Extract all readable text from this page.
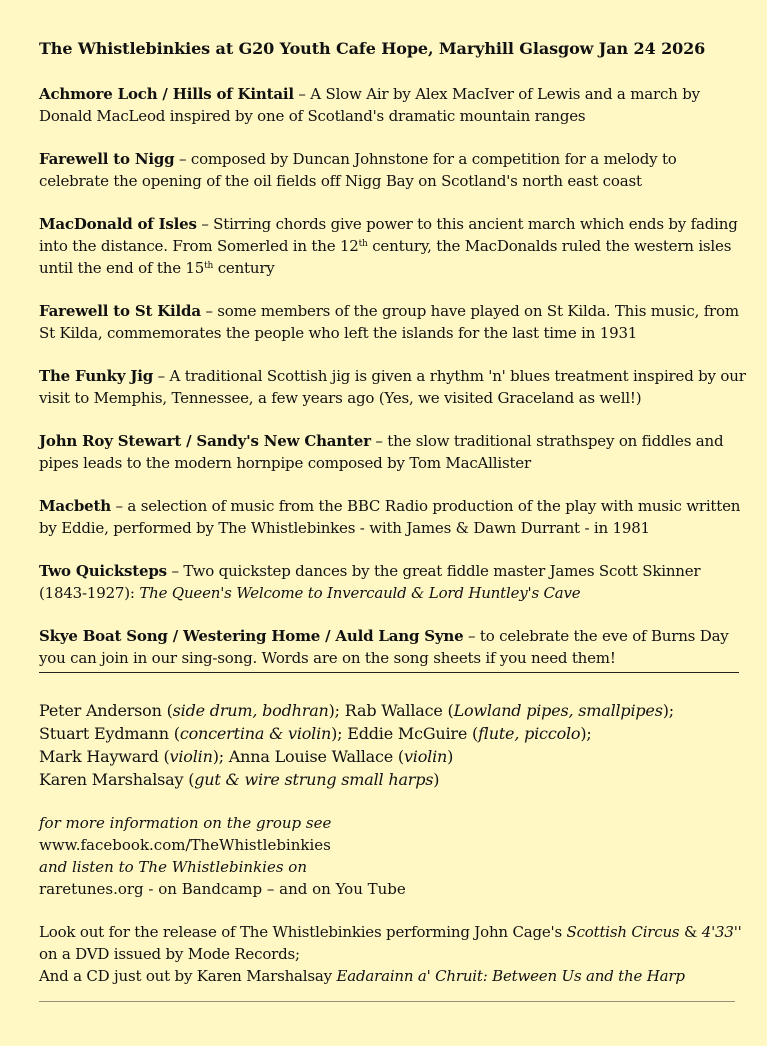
The Whistlebinkies at G20 Youth Cafe Hope, Maryhill Glasgow Jan 24 2026

Achmore Loch / Hills of Kintail – A Slow Air by Alex MacIver of Lewis and a march by Donald MacLeod inspired by one of Scotland's dramatic mountain ranges

Farewell to Nigg – composed by Duncan Johnstone for a competition for a melody to celebrate the opening of the oil fields off Nigg Bay on Scotland's north east coast

MacDonald of Isles – Stirring chords give power to this ancient march which ends by fading into the distance. From Somerled in the 12th century, the MacDonalds ruled the western isles until the end of the 15th century

Farewell to St Kilda – some members of the group have played on St Kilda. This music, from St Kilda, commemorates the people who left the islands for the last time in 1931

The Funky Jig – A traditional Scottish jig is given a rhythm 'n' blues treatment inspired by our visit to Memphis, Tennessee, a few years ago (Yes, we visited Graceland as well!)

John Roy Stewart / Sandy's New Chanter – the slow traditional strathspey on fiddles and pipes leads to the modern hornpipe composed by Tom MacAllister

Macbeth – a selection of music from the BBC Radio production of the play with music written by Eddie, performed by The Whistlebinkes - with James & Dawn Durrant - in 1981

Two Quicksteps – Two quickstep dances by the great fiddle master James Scott Skinner (1843-1927): The Queen's Welcome to Invercauld & Lord Huntley's Cave

Skye Boat Song / Westering Home / Auld Lang Syne – to celebrate the eve of Burns Day you can join in our sing-song. Words are on the song sheets if you need them!

Peter Anderson (side drum, bodhran); Rab Wallace (Lowland pipes, smallpipes);
Stuart Eydmann (concertina & violin); Eddie McGuire (flute, piccolo);
Mark Hayward (violin); Anna Louise Wallace (violin)
Karen Marshalsay (gut & wire strung small harps)
for more information on the group see
www.facebook.com/TheWhistlebinkies
and listen to The Whistlebinkies on
raretunes.org - on Bandcamp – and on You Tube
Look out for the release of The Whistlebinkies performing John Cage's Scottish Circus & 4'33'' on a DVD issued by Mode Records;
And a CD just out by Karen Marshalsay Eadarainn a' Chruit: Between Us and the Harp
